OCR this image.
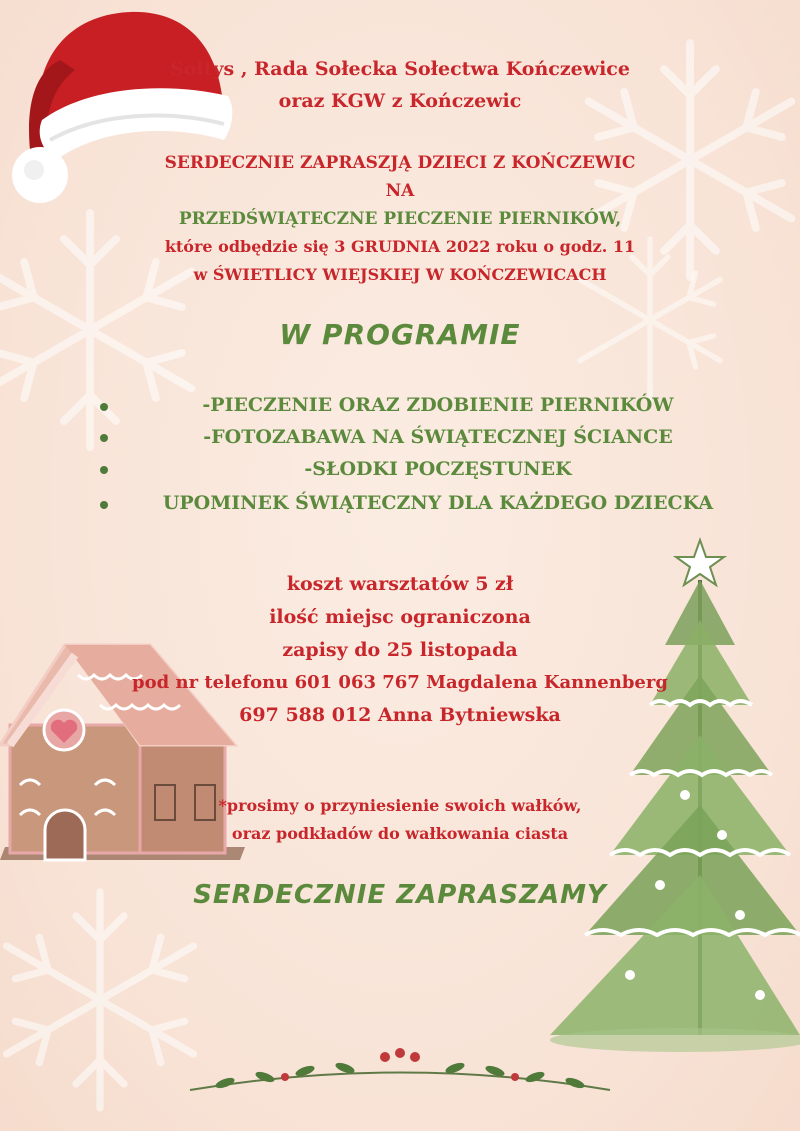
Sołtys , Rada Sołecka Sołectwa Kończewice

oraz KGW z Kończewic

SERDECZNIE ZAPRASZJĄ DZIECI Z KOŃCZEWIC

NA

PRZEDŚWIĄTECZNE PIECZENIE PIERNIKÓW,

które odbędzie się 3 GRUDNIA 2022 roku o godz. 11

w ŚWIETLICY WIEJSKIEJ W KOŃCZEWICACH

W PROGRAMIE

-PIECZENIE ORAZ ZDOBIENIE PIERNIKÓW

-FOTOZABAWA NA ŚWIĄTECZNEJ ŚCIANCE

-SŁODKI POCZĘSTUNEK

UPOMINEK ŚWIĄTECZNY DLA KAŻDEGO DZIECKA

koszt warsztatów 5 zł

ilość miejsc ograniczona

zapisy do 25 listopada

pod nr telefonu 601 063 767 Magdalena Kannenberg

697 588 012 Anna Bytniewska

*prosimy o przyniesienie swoich wałków,

oraz podkładów do wałkowania ciasta

SERDECZNIE ZAPRASZAMY
